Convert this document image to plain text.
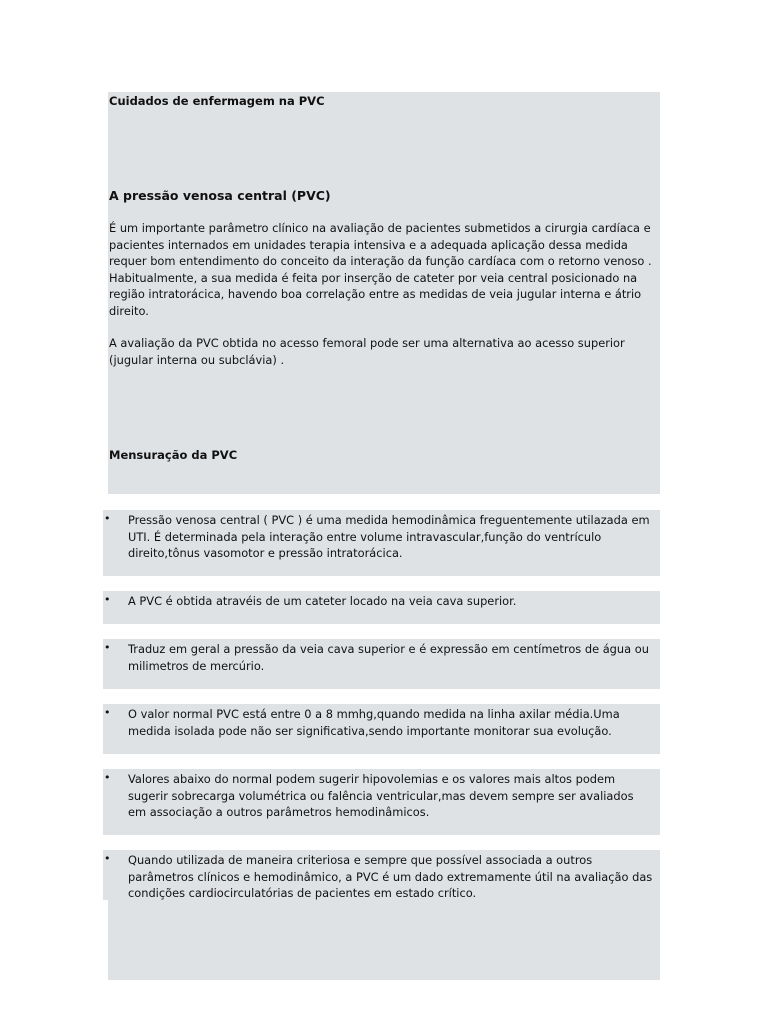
Cuidados de enfermagem na PVC
A pressão venosa central (PVC)
É um importante parâmetro clínico na avaliação de pacientes submetidos a cirurgia cardíaca e pacientes internados em unidades terapia intensiva e a adequada aplicação dessa medida requer bom entendimento do conceito da interação da função cardíaca com o retorno venoso . Habitualmente, a sua medida é feita por inserção de cateter por veia central posicionado na região intratorácica, havendo boa correlação entre as medidas de veia jugular interna e átrio direito.
A avaliação da PVC obtida no acesso femoral pode ser uma alternativa ao acesso superior (jugular interna ou subclávia) .
Mensuração da PVC
• Pressão venosa central ( PVC ) é uma medida hemodinâmica freguentemente utilazada em UTI. É determinada pela interação entre volume intravascular,função do ventrículo direito,tônus vasomotor e pressão intratorácica.
• A PVC é obtida atravéis de um cateter locado na veia cava superior.
• Traduz em geral a pressão da veia cava superior e é expressão em centímetros de água ou milimetros de mercúrio.
• O valor normal PVC está entre 0 a 8 mmhg,quando medida na linha axilar média.Uma medida isolada pode não ser significativa,sendo importante monitorar sua evolução.
• Valores abaixo do normal podem sugerir hipovolemias e os valores mais altos podem sugerir sobrecarga volumétrica ou falência ventricular,mas devem sempre ser avaliados em associação a outros parâmetros hemodinâmicos.
• Quando utilizada de maneira criteriosa e sempre que possível associada a outros parâmetros clínicos e hemodinâmico, a PVC é um dado extremamente útil na avaliação das condições cardiocirculatórias de pacientes em estado crítico.
